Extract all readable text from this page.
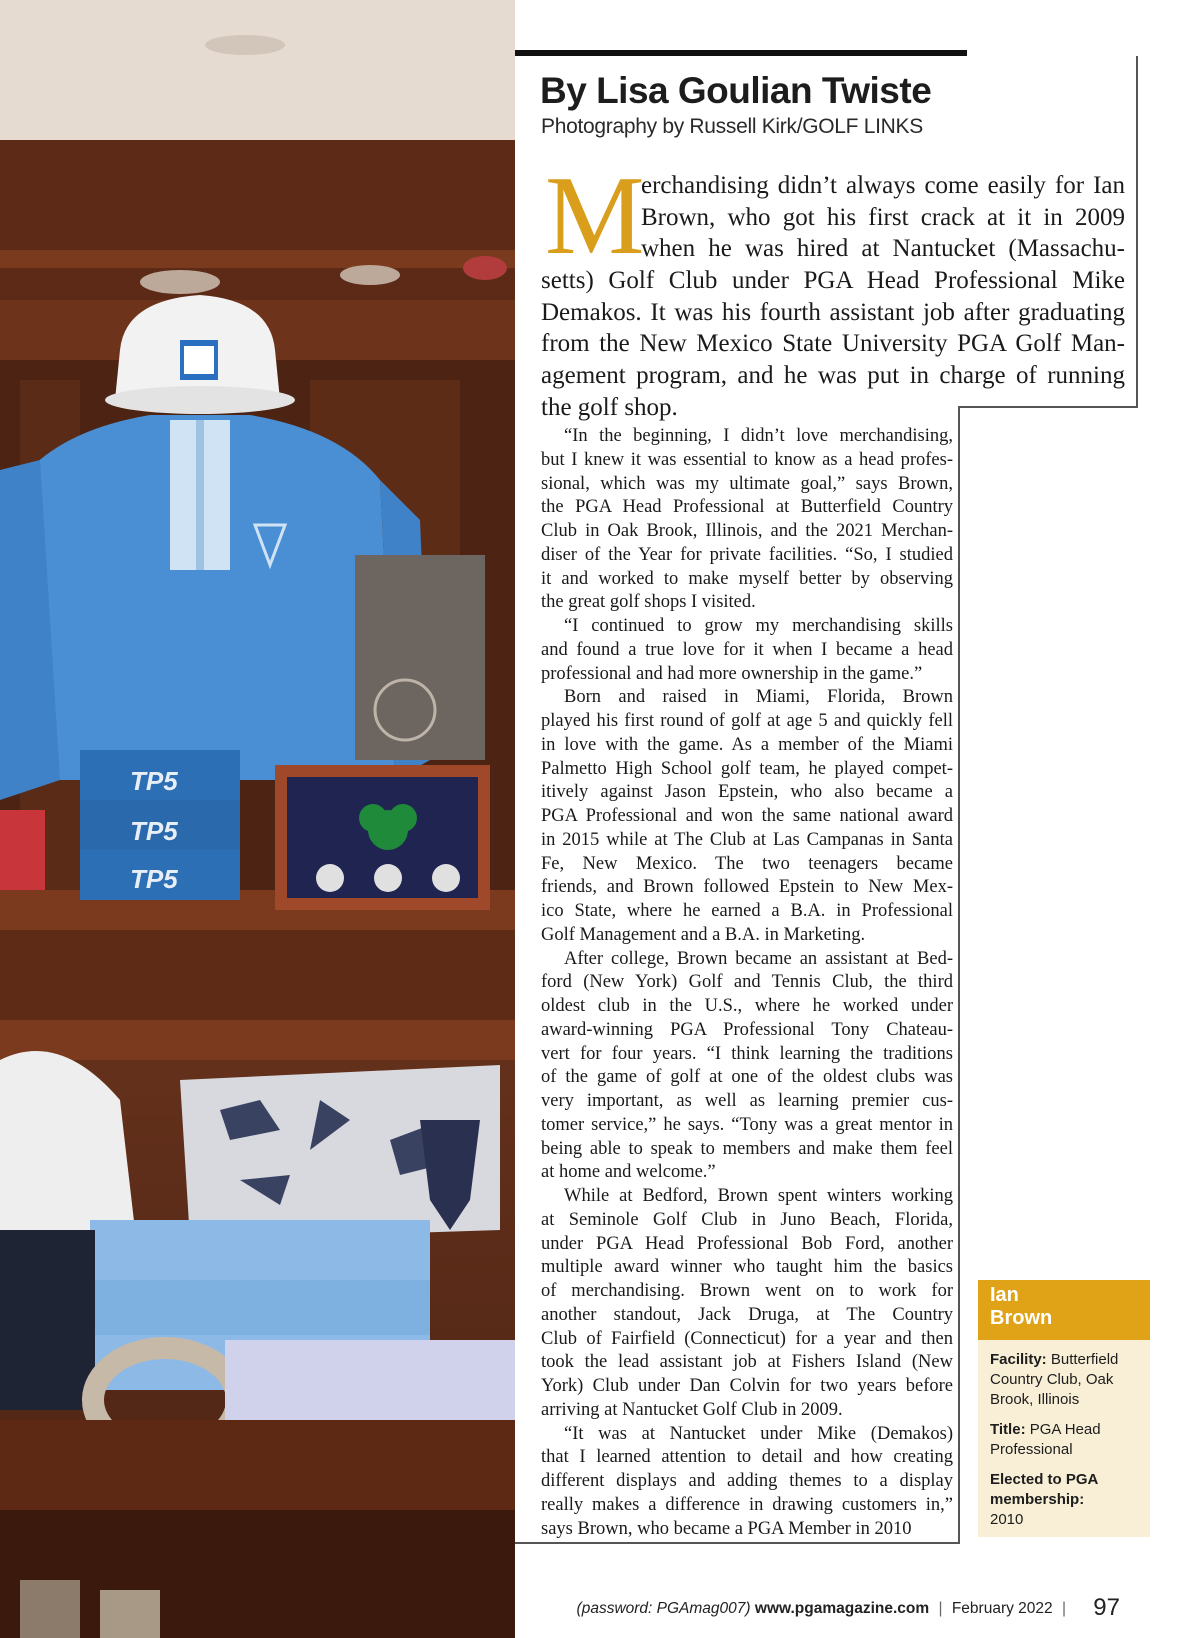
TP5
TP5
TP5
By Lisa Goulian Twiste
Photography by Russell Kirk/GOLF LINKS
M
erchandising didn’t always come easily for Ian
Brown, who got his first crack at it in 2009
when he was hired at Nantucket (Massachu-
setts) Golf Club under PGA Head Professional Mike
Demakos. It was his fourth assistant job after graduating
from the New Mexico State University PGA Golf Man-
agement program, and he was put in charge of running
the golf shop.
“In the beginning, I didn’t love merchandising,
but I knew it was essential to know as a head profes-
sional, which was my ultimate goal,” says Brown,
the PGA Head Professional at Butterfield Country
Club in Oak Brook, Illinois, and the 2021 Merchan-
diser of the Year for private facilities. “So, I studied
it and worked to make myself better by observing
the great golf shops I visited.
“I continued to grow my merchandising skills
and found a true love for it when I became a head
professional and had more ownership in the game.”
Born and raised in Miami, Florida, Brown
played his first round of golf at age 5 and quickly fell
in love with the game. As a member of the Miami
Palmetto High School golf team, he played compet-
itively against Jason Epstein, who also became a
PGA Professional and won the same national award
in 2015 while at The Club at Las Campanas in Santa
Fe, New Mexico. The two teenagers became
friends, and Brown followed Epstein to New Mex-
ico State, where he earned a B.A. in Professional
Golf Management and a B.A. in Marketing.
After college, Brown became an assistant at Bed-
ford (New York) Golf and Tennis Club, the third
oldest club in the U.S., where he worked under
award-winning PGA Professional Tony Chateau-
vert for four years. “I think learning the traditions
of the game of golf at one of the oldest clubs was
very important, as well as learning premier cus-
tomer service,” he says. “Tony was a great mentor in
being able to speak to members and make them feel
at home and welcome.”
While at Bedford, Brown spent winters working
at Seminole Golf Club in Juno Beach, Florida,
under PGA Head Professional Bob Ford, another
multiple award winner who taught him the basics
of merchandising. Brown went on to work for
another standout, Jack Druga, at The Country
Club of Fairfield (Connecticut) for a year and then
took the lead assistant job at Fishers Island (New
York) Club under Dan Colvin for two years before
arriving at Nantucket Golf Club in 2009.
“It was at Nantucket under Mike (Demakos)
that I learned attention to detail and how creating
different displays and adding themes to a display
really makes a difference in drawing customers in,”
says Brown, who became a PGA Member in 2010
Ian
Brown
Facility: Butterfield Country Club, Oak Brook, Illinois
Title: PGA Head Professional
Elected to PGA membership:
2010
(password: PGAmag007) www.pgamagazine.com | February 2022 | 97
